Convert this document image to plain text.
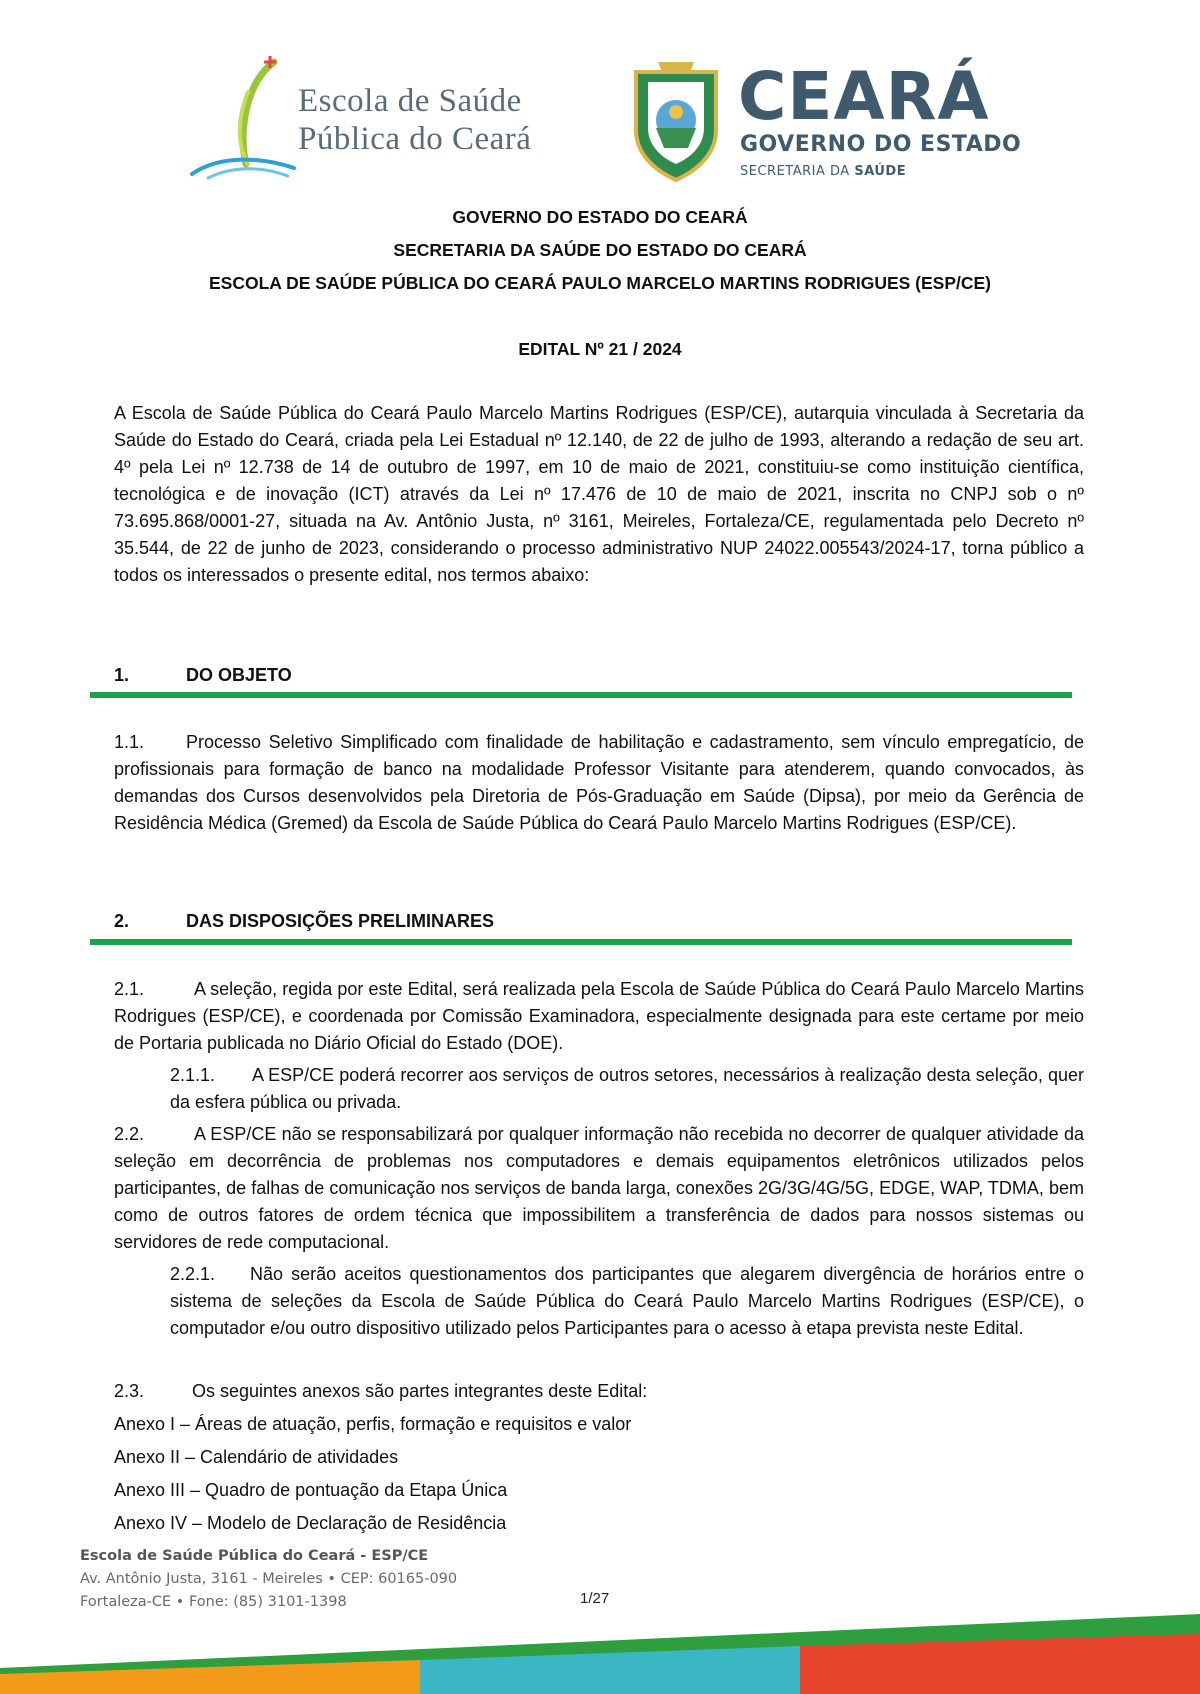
Escola de Saúde
Pública do Ceará
CEARÁ
GOVERNO DO ESTADO
SECRETARIA DA SAÚDE
GOVERNO DO ESTADO DO CEARÁ
SECRETARIA DA SAÚDE DO ESTADO DO CEARÁ
ESCOLA DE SAÚDE PÚBLICA DO CEARÁ PAULO MARCELO MARTINS RODRIGUES (ESP/CE)
EDITAL Nº 21 / 2024
A Escola de Saúde Pública do Ceará Paulo Marcelo Martins Rodrigues (ESP/CE), autarquia vinculada à Secretaria da Saúde do Estado do Ceará, criada pela Lei Estadual nº 12.140, de 22 de julho de 1993, alterando a redação de seu art. 4º pela Lei nº 12.738 de 14 de outubro de 1997, em 10 de maio de 2021, constituiu-se como instituição científica, tecnológica e de inovação (ICT) através da Lei nº 17.476 de 10 de maio de 2021, inscrita no CNPJ sob o nº 73.695.868/0001-27, situada na Av. Antônio Justa, nº 3161, Meireles, Fortaleza/CE, regulamentada pelo Decreto nº 35.544, de 22 de junho de 2023, considerando o processo administrativo NUP 24022.005543/2024-17, torna público a todos os interessados o presente edital, nos termos abaixo:
1.	DO OBJETO
1.1. Processo Seletivo Simplificado com finalidade de habilitação e cadastramento, sem vínculo empregatício, de profissionais para formação de banco na modalidade Professor Visitante para atenderem, quando convocados, às demandas dos Cursos desenvolvidos pela Diretoria de Pós-Graduação em Saúde (Dipsa), por meio da Gerência de Residência Médica (Gremed) da Escola de Saúde Pública do Ceará Paulo Marcelo Martins Rodrigues (ESP/CE).
2.	DAS DISPOSIÇÕES PRELIMINARES
2.1.	A seleção, regida por este Edital, será realizada pela Escola de Saúde Pública do Ceará Paulo Marcelo Martins Rodrigues (ESP/CE), e coordenada por Comissão Examinadora, especialmente designada para este certame por meio de Portaria publicada no Diário Oficial do Estado (DOE).
2.1.1. A ESP/CE poderá recorrer aos serviços de outros setores, necessários à realização desta seleção, quer da esfera pública ou privada.
2.2.	A ESP/CE não se responsabilizará por qualquer informação não recebida no decorrer de qualquer atividade da seleção em decorrência de problemas nos computadores e demais equipamentos eletrônicos utilizados pelos participantes, de falhas de comunicação nos serviços de banda larga, conexões 2G/3G/4G/5G, EDGE, WAP, TDMA, bem como de outros fatores de ordem técnica que impossibilitem a transferência de dados para nossos sistemas ou servidores de rede computacional.
2.2.1. Não serão aceitos questionamentos dos participantes que alegarem divergência de horários entre o sistema de seleções da Escola de Saúde Pública do Ceará Paulo Marcelo Martins Rodrigues (ESP/CE), o computador e/ou outro dispositivo utilizado pelos Participantes para o acesso à etapa prevista neste Edital.
2.3.	Os seguintes anexos são partes integrantes deste Edital:
Anexo I – Áreas de atuação, perfis, formação e requisitos e valor
Anexo II – Calendário de atividades
Anexo III – Quadro de pontuação da Etapa Única
Anexo IV – Modelo de Declaração de Residência
Escola de Saúde Pública do Ceará - ESP/CE
Av. Antônio Justa, 3161 - Meireles • CEP: 60165-090
Fortaleza-CE • Fone: (85) 3101-1398	1/27
